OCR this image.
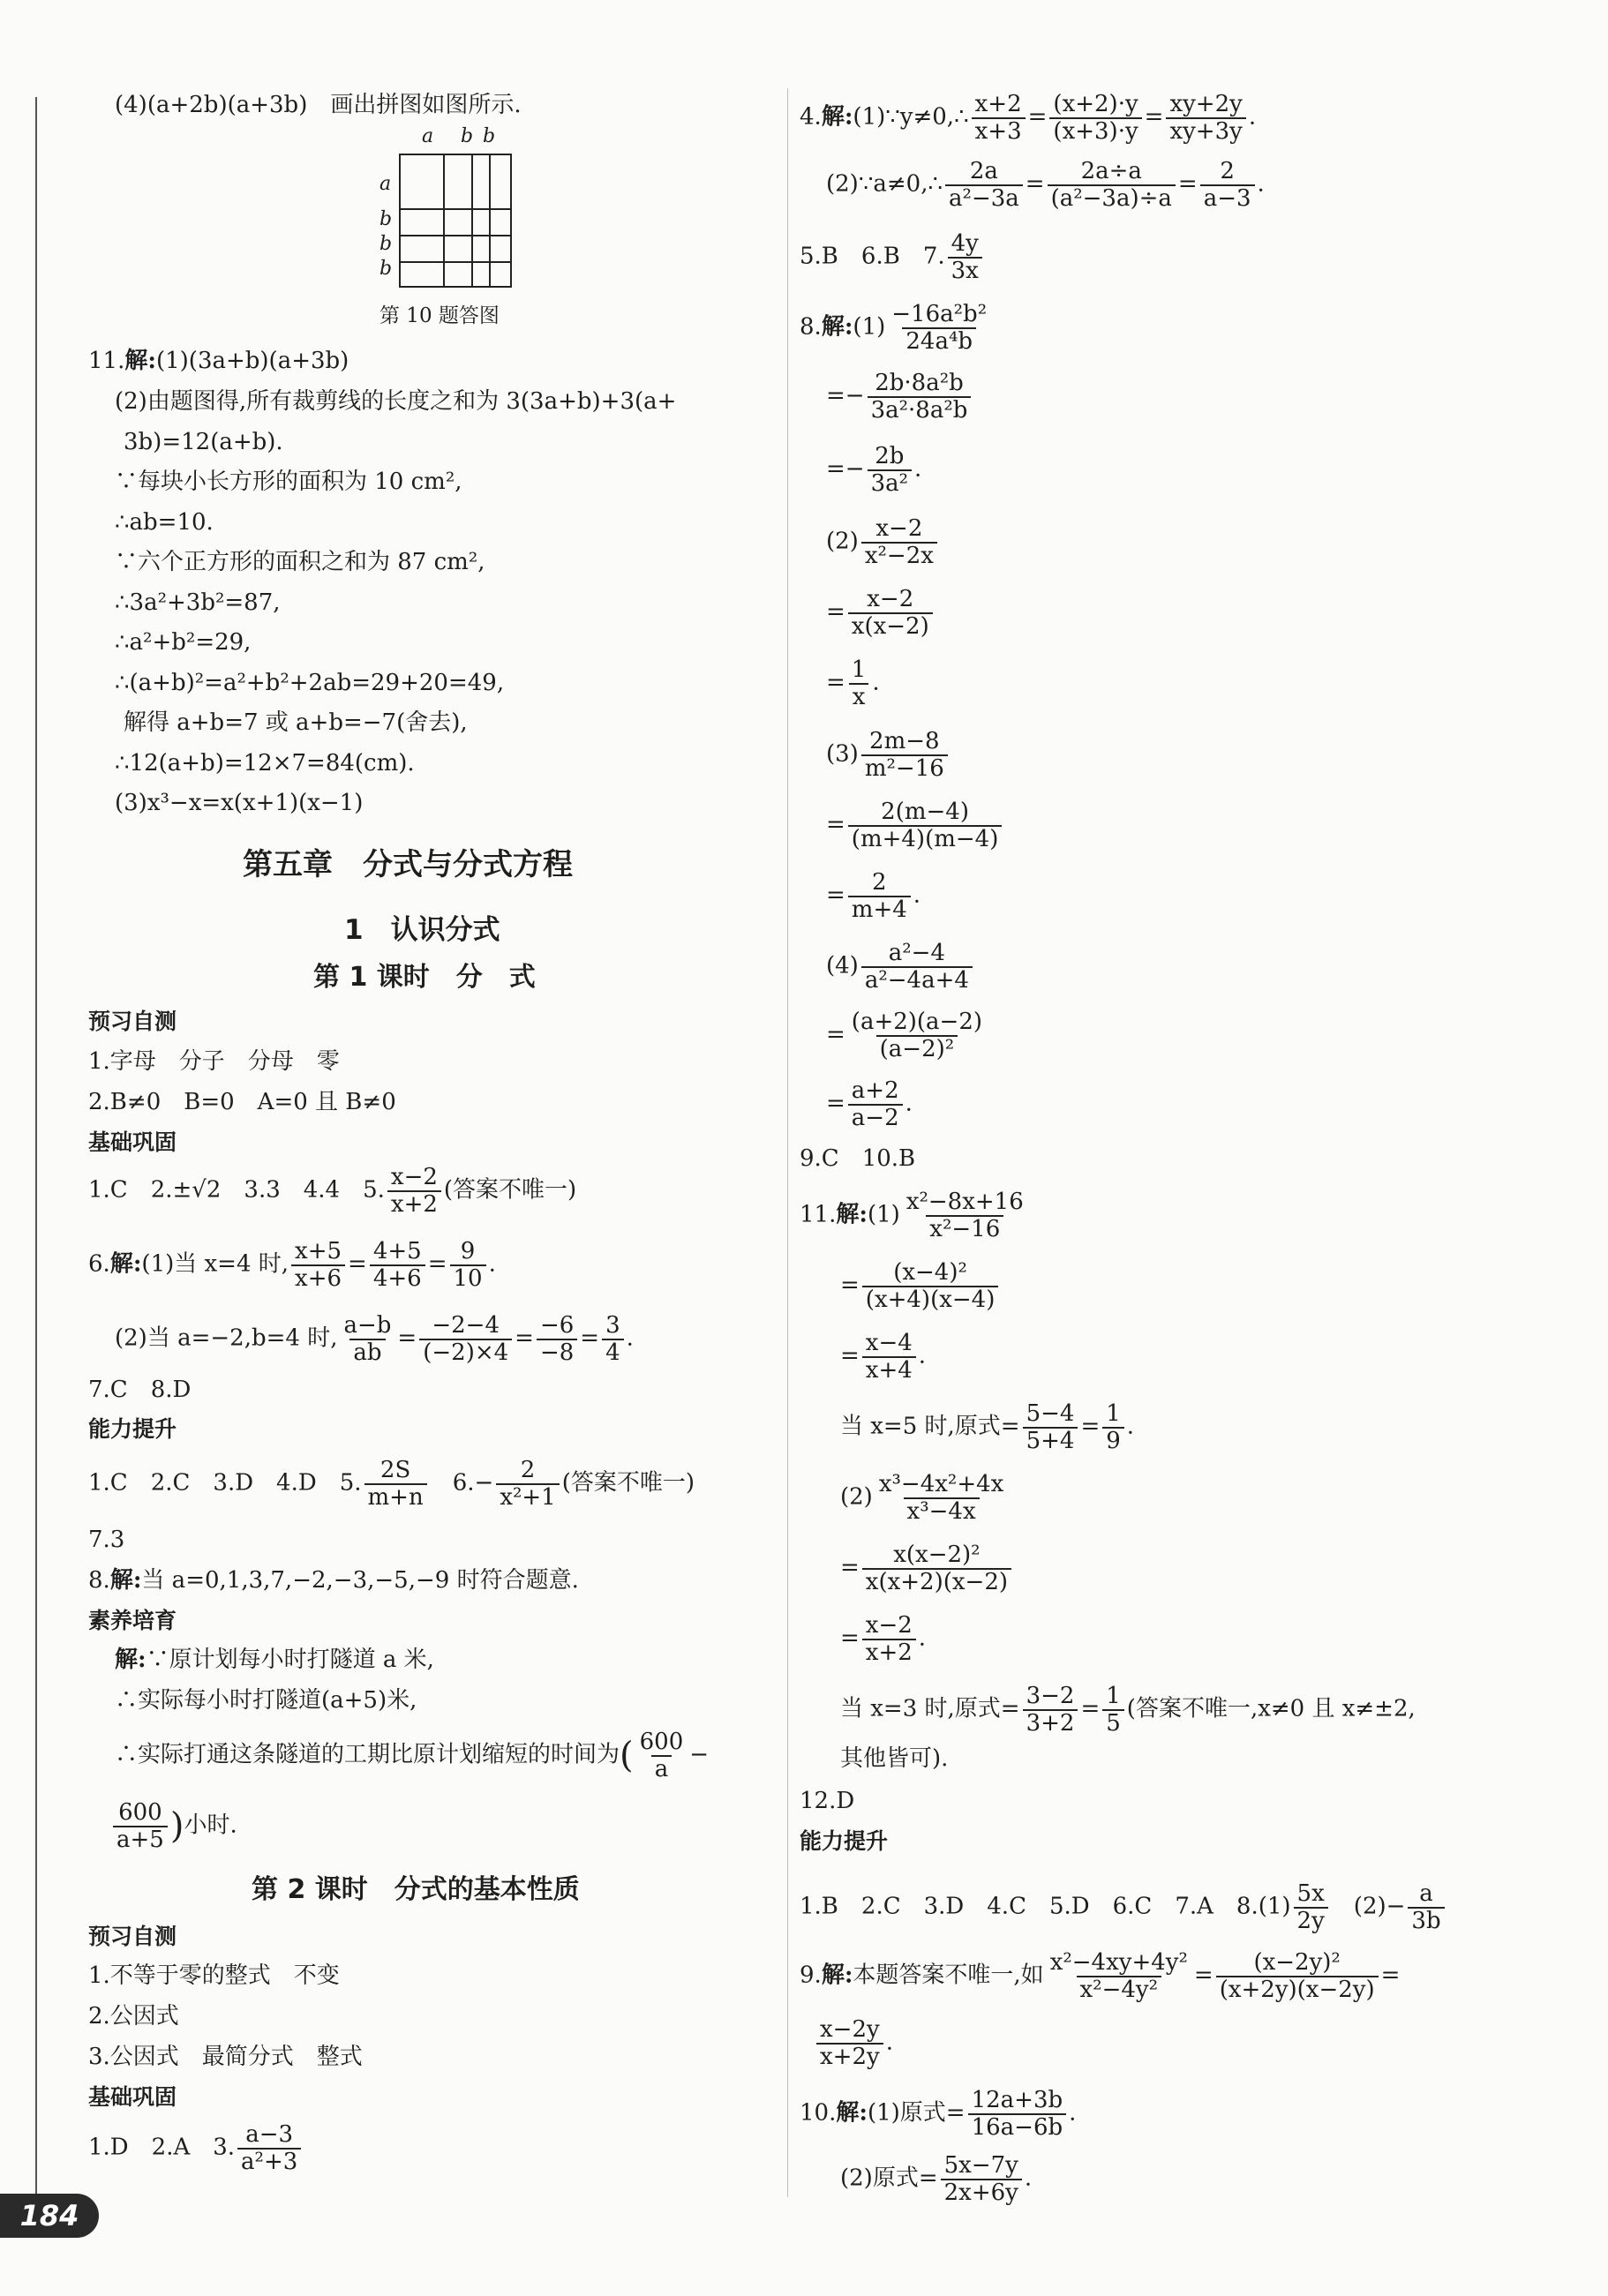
184
(4)(a+2b)(a+3b)　画出拼图如图所示.
a b b
a
b
b
b
第 10 题答图
11.解:(1)(3a+b)(a+3b)
(2)由题图得,所有裁剪线的长度之和为 3(3a+b)+3(a+
3b)=12(a+b).
∵每块小长方形的面积为 10 cm²,
∴ab=10.
∵六个正方形的面积之和为 87 cm²,
∴3a²+3b²=87,
∴a²+b²=29,
∴(a+b)²=a²+b²+2ab=29+20=49,
解得 a+b=7 或 a+b=−7(舍去),
∴12(a+b)=12×7=84(cm).
(3)x³−x=x(x+1)(x−1)
第五章　分式与分式方程
1　认识分式
第 1 课时　分　式
预习自测
1.字母　分子　分母　零
2.B≠0　B=0　A=0 且 B≠0
基础巩固
1.C　2.±√2　3.3　4.4　5. $\frac{x-2}{x+2}$ (答案不唯一)
6.解:(1)当 x=4 时, $\frac{x+5}{x+6} = \frac{4+5}{4+6} = \frac{9}{10}$ .
(2)当 a=−2,b=4 时, $\frac{a-b}{ab} = \frac{-2-4}{(-2)\times 4} = \frac{-6}{-8} = \frac{3}{4}$ .
7.C　8.D
能力提升
1.C　2.C　3.D　4.D　5. $\frac{2S}{m+n}$
　 $6.- \frac{2}{\text{x²+1}}$ (答案不唯一)
7.3
8.解:当 a=0,1,3,7,−2,−3,−5,−9 时符合题意.
素养培育
解:∵原计划每小时打隧道 a 米,
∴实际每小时打隧道(a+5)米,
∴实际打通这条隧道的工期比原计划缩短的时间为( $\frac{600}{a}$ −
$\frac{600}{a+5}$ )小时.
第 2 课时　分式的基本性质
预习自测
1.不等于零的整式　不变
2.公因式
3.公因式　最简分式　整式
基础巩固
1.D　2.A　3. $\frac{a-3}{\text{a²+3}}$
4.解:(1)∵y≠0,∴ $\frac{x+2}{x+3} = \frac{(x+2)\cdot y}{(x+3)\cdot y} = \frac{xy+2y}{xy+3y}$ .
(2)∵a≠0,∴ $\frac{2a}{\text{a²−3a}} = \frac{2a\div a}{\text{(a²−3a)÷a}} = \frac{2}{a-3}$ .
5.B　6.B　7. $\frac{4y}{3x}$
8.解:(1) $\frac{\text{−16a²b²}}{\text{24a⁴b}}$
=− $\frac{\text{2b·8a²b}}{\text{3a²·8a²b}}$
=− $\frac{2b}{\text{3a²}}$ .
$(2) \frac{x-2}{\text{x²−2x}}$
= $\frac{x-2}{x(x-2)}$
= $\frac{1}{x}$ .
$(3) \frac{2m-8}{\text{m²−16}}$
= $\frac{2(m-4)}{(m+4)(m-4)}$
= $\frac{2}{m+4}$ .
$(4) \frac{\text{a²−4}}{\text{a²−4a+4}}$
= $\frac{(a+2)(a-2)}{\text{(a−2)²}}$
= $\frac{a+2}{a-2}$ .
9.C　10.B
11.解:(1) $\frac{\text{x²−8x+16}}{\text{x²−16}}$
= $\frac{\text{(x−4)²}}{(x+4)(x-4)}$
= $\frac{x-4}{x+4}$ .
当 x=5 时,原式= $\frac{5-4}{5+4} = \frac{1}{9}$ .
$(2) \frac{\text{x³−4x²+4x}}{\text{x³−4x}}$
= $\frac{\text{x(x−2)²}}{x(x+2)(x-2)}$
= $\frac{x-2}{x+2}$ .
当 x=3 时,原式= $\frac{3-2}{3+2} = \frac{1}{5}$ (答案不唯一,x≠0 且 x≠±2,
其他皆可).
12.D
能力提升
1.B　2.C　3.D　4.C　5.D　6.C　7.A　$8.(1) \frac{5x}{2y}$
　 $(2)- \frac{a}{3b}$
9.解:本题答案不唯一,如 $\frac{\text{x²−4xy+4y²}}{\text{x²−4y²}} = \frac{\text{(x−2y)²}}{(x+2y)(x-2y)}$ =
$\frac{x-2y}{x+2y}$ .
10.解:(1)原式= $\frac{12a+3b}{16a-6b}$ .
(2)原式= $\frac{5x-7y}{2x+6y}$ .
